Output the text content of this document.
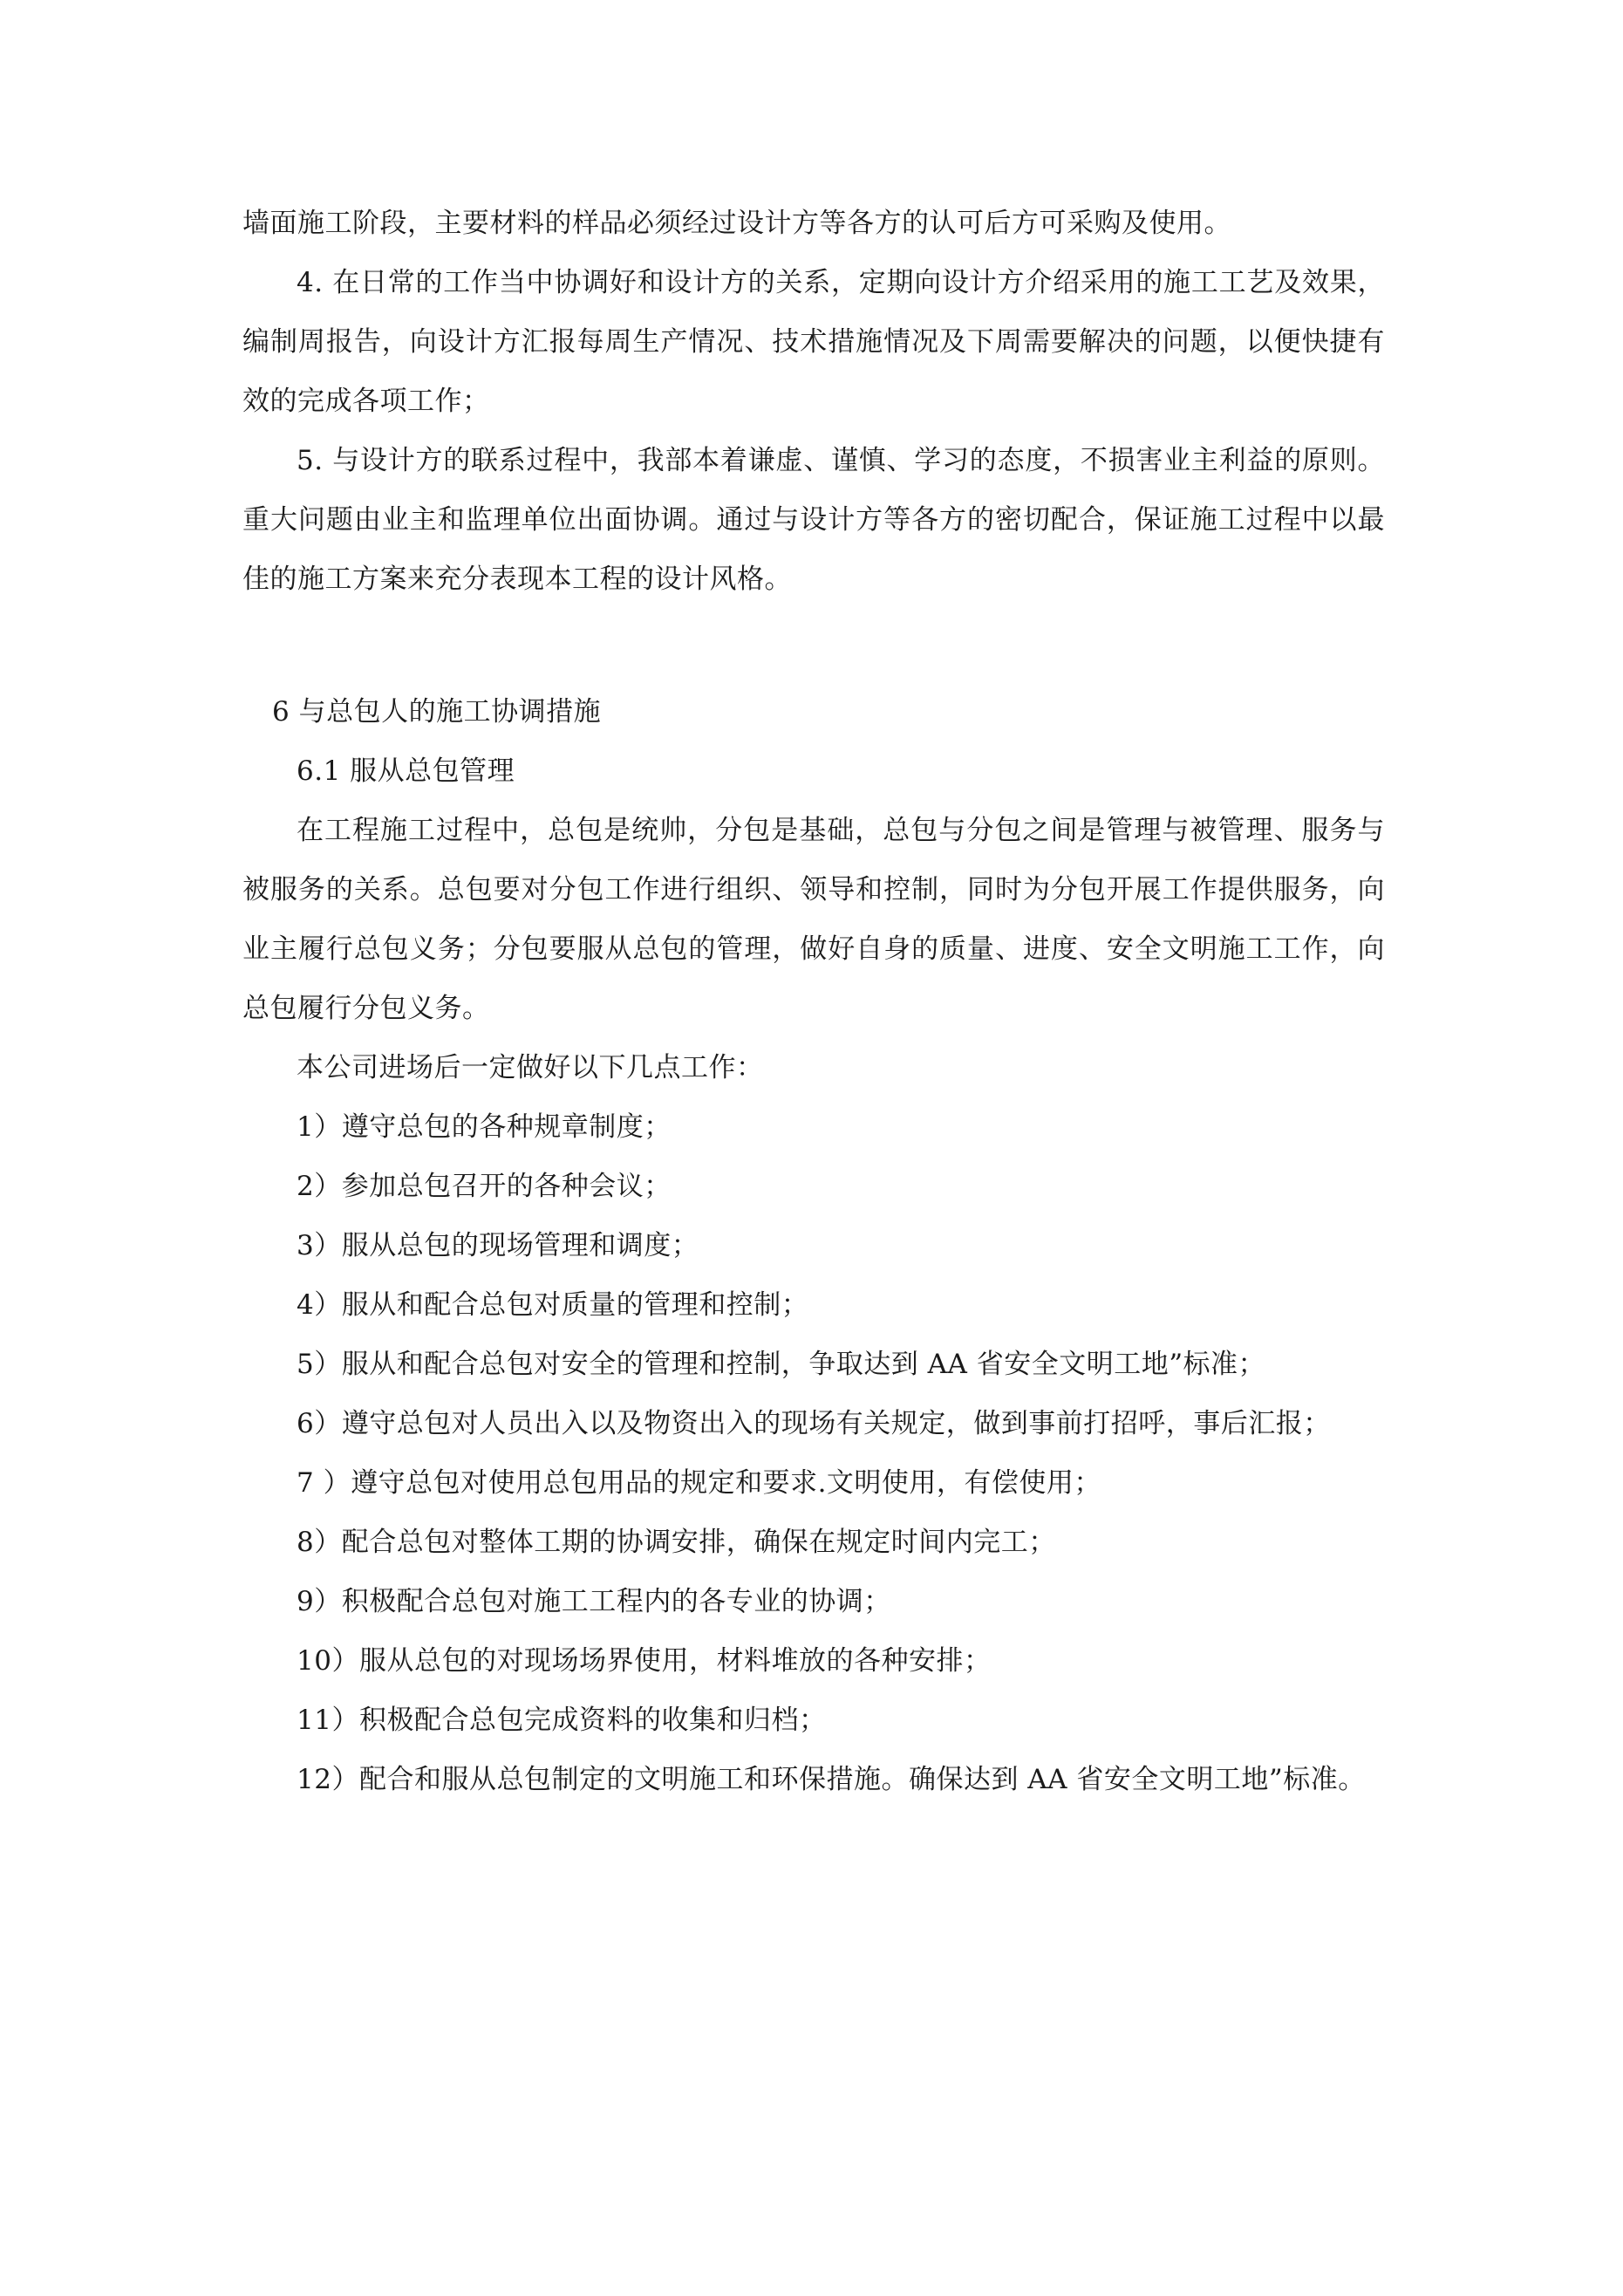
墙面施工阶段，主要材料的样品必须经过设计方等各方的认可后方可采购及使用。

4. 在日常的工作当中协调好和设计方的关系，定期向设计方介绍采用的施工工艺及效果，编制周报告，向设计方汇报每周生产情况、技术措施情况及下周需要解决的问题，以便快捷有效的完成各项工作；

5. 与设计方的联系过程中，我部本着谦虚、谨慎、学习的态度，不损害业主利益的原则。重大问题由业主和监理单位出面协调。通过与设计方等各方的密切配合，保证施工过程中以最佳的施工方案来充分表现本工程的设计风格。

6 与总包人的施工协调措施

6.1 服从总包管理

在工程施工过程中，总包是统帅，分包是基础，总包与分包之间是管理与被管理、服务与被服务的关系。总包要对分包工作进行组织、领导和控制，同时为分包开展工作提供服务，向业主履行总包义务；分包要服从总包的管理，做好自身的质量、进度、安全文明施工工作，向总包履行分包义务。

本公司进场后一定做好以下几点工作：

1）遵守总包的各种规章制度；

2）参加总包召开的各种会议；

3）服从总包的现场管理和调度；

4）服从和配合总包对质量的管理和控制；

5）服从和配合总包对安全的管理和控制，争取达到 AA 省安全文明工地”标准；

6）遵守总包对人员出入以及物资出入的现场有关规定，做到事前打招呼，事后汇报；

7 ）遵守总包对使用总包用品的规定和要求.文明使用，有偿使用；

8）配合总包对整体工期的协调安排，确保在规定时间内完工；

9）积极配合总包对施工工程内的各专业的协调；

10）服从总包的对现场场界使用，材料堆放的各种安排；

11）积极配合总包完成资料的收集和归档；

12）配合和服从总包制定的文明施工和环保措施。确保达到 AA 省安全文明工地”标准。
